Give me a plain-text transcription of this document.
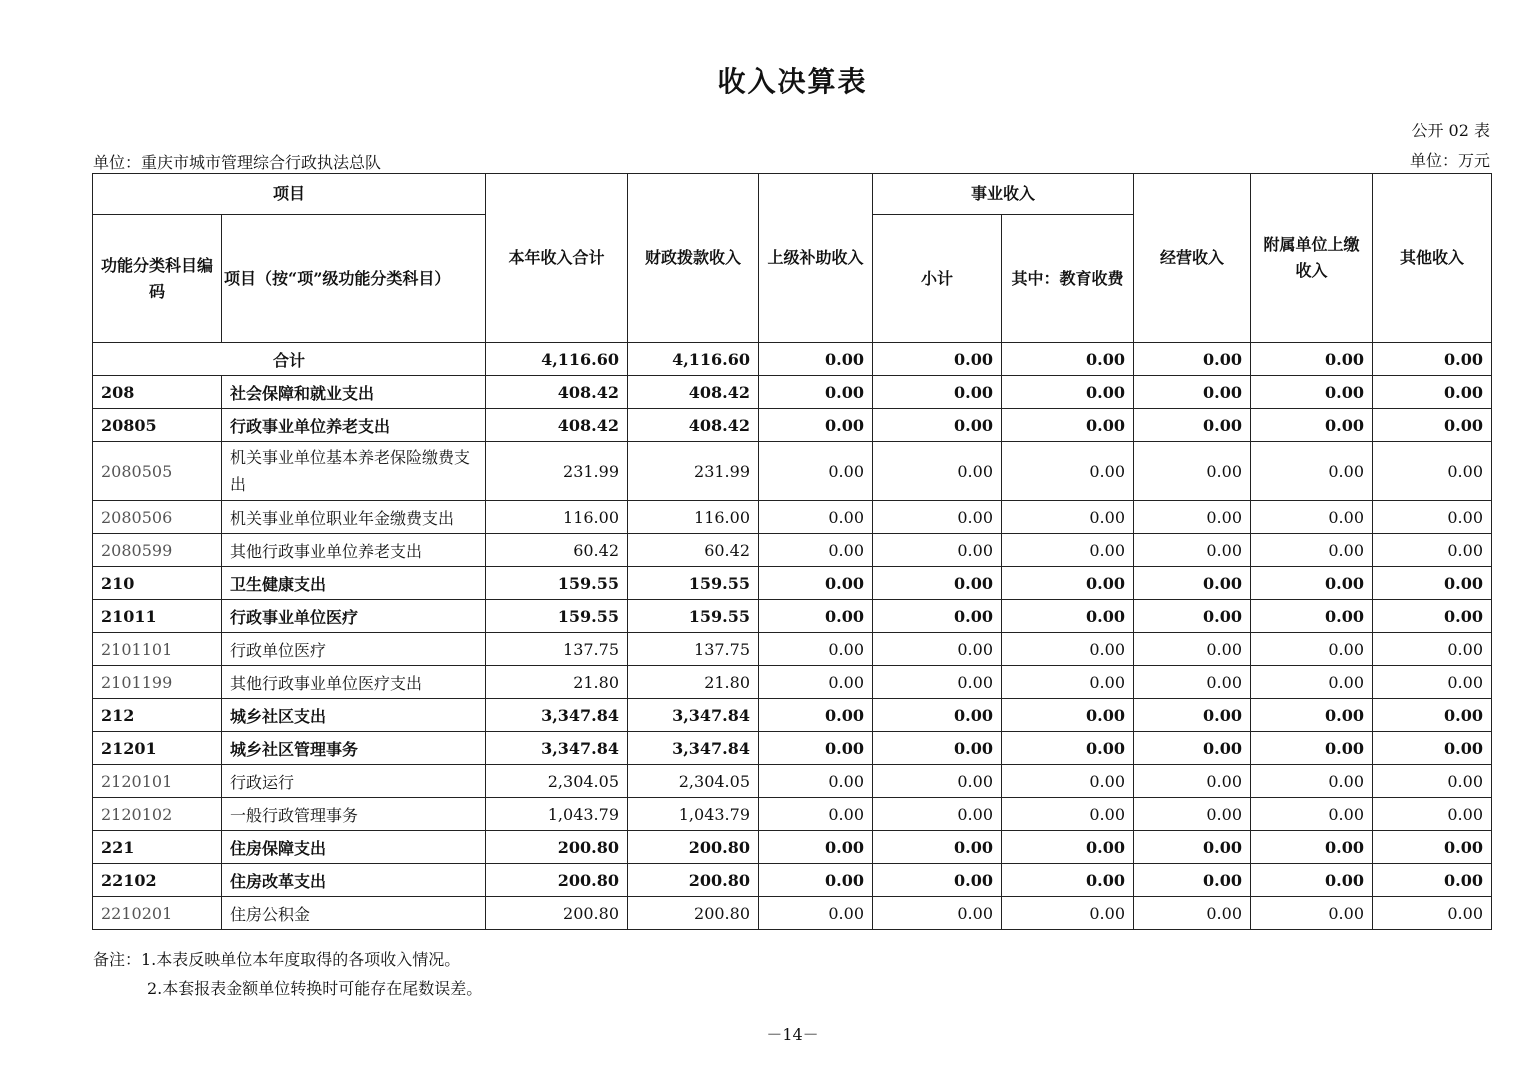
收入决算表
公开 02 表
单位：重庆市城市管理综合行政执法总队	单位：万元
项目		本年收入合计	财政拨款收入	上级补助收入	事业收入		经营收入	附属单位上缴收入	其他收入
功能分类科目编码	项目（按“项”级功能分类科目）				小计	其中：教育收费			
合计		4,116.60	4,116.60	0.00	0.00	0.00	0.00	0.00	0.00
208	社会保障和就业支出	408.42	408.42	0.00	0.00	0.00	0.00	0.00	0.00
20805	行政事业单位养老支出	408.42	408.42	0.00	0.00	0.00	0.00	0.00	0.00
2080505	机关事业单位基本养老保险缴费支出	231.99	231.99	0.00	0.00	0.00	0.00	0.00	0.00
2080506	机关事业单位职业年金缴费支出	116.00	116.00	0.00	0.00	0.00	0.00	0.00	0.00
2080599	其他行政事业单位养老支出	60.42	60.42	0.00	0.00	0.00	0.00	0.00	0.00
210	卫生健康支出	159.55	159.55	0.00	0.00	0.00	0.00	0.00	0.00
21011	行政事业单位医疗	159.55	159.55	0.00	0.00	0.00	0.00	0.00	0.00
2101101	行政单位医疗	137.75	137.75	0.00	0.00	0.00	0.00	0.00	0.00
2101199	其他行政事业单位医疗支出	21.80	21.80	0.00	0.00	0.00	0.00	0.00	0.00
212	城乡社区支出	3,347.84	3,347.84	0.00	0.00	0.00	0.00	0.00	0.00
21201	城乡社区管理事务	3,347.84	3,347.84	0.00	0.00	0.00	0.00	0.00	0.00
2120101	行政运行	2,304.05	2,304.05	0.00	0.00	0.00	0.00	0.00	0.00
2120102	一般行政管理事务	1,043.79	1,043.79	0.00	0.00	0.00	0.00	0.00	0.00
221	住房保障支出	200.80	200.80	0.00	0.00	0.00	0.00	0.00	0.00
22102	住房改革支出	200.80	200.80	0.00	0.00	0.00	0.00	0.00	0.00
2210201	住房公积金	200.80	200.80	0.00	0.00	0.00	0.00	0.00	0.00
备注：1.本表反映单位本年度取得的各项收入情况。
2.本套报表金额单位转换时可能存在尾数误差。
－14－
